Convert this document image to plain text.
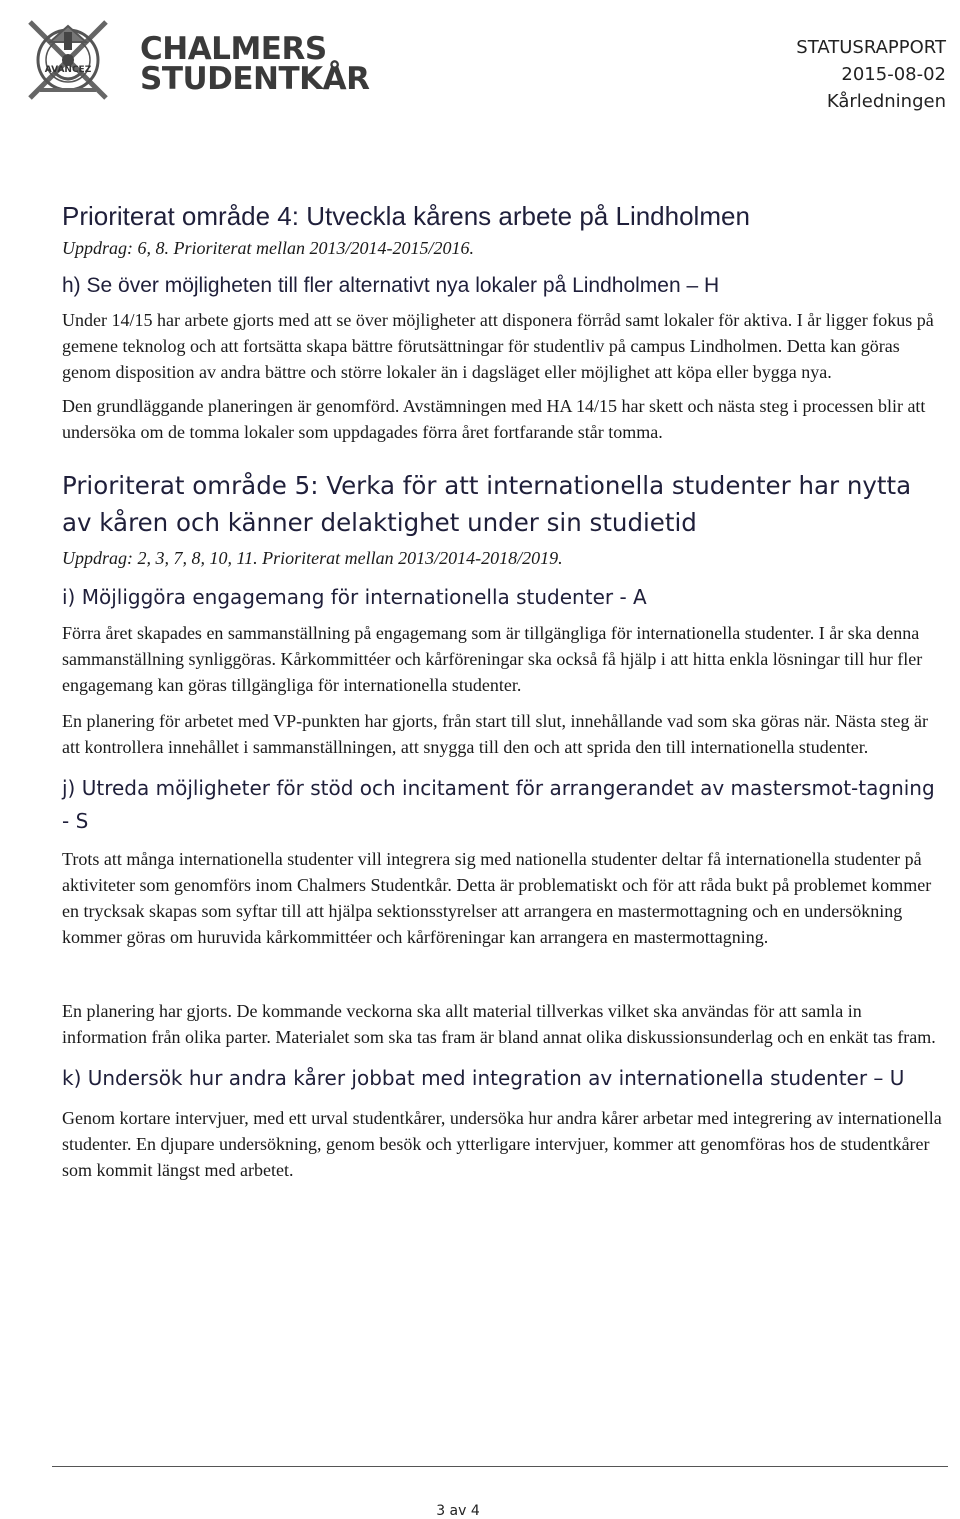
AVANCEZ
CHALMERS
STUDENTKÅR
STATUSRAPPORT
2015-08-02
Kårledningen
Prioriterat område 4: Utveckla kårens arbete på Lindholmen
Uppdrag: 6, 8. Prioriterat mellan 2013/2014-2015/2016.
h) Se över möjligheten till fler alternativt nya lokaler på Lindholmen – H

Under 14/15 har arbete gjorts med att se över möjligheter att disponera förråd samt lokaler för aktiva. I år ligger fokus på gemene teknolog och att fortsätta skapa bättre förutsättningar för studentliv på campus Lindholmen. Detta kan göras genom disposition av andra bättre och större lokaler än i dagsläget eller möjlighet att köpa eller bygga nya.

Den grundläggande planeringen är genomförd. Avstämningen med HA 14/15 har skett och nästa steg i processen blir att undersöka om de tomma lokaler som uppdagades förra året fortfarande står tomma.

Prioriterat område 5: Verka för att internationella studenter har nytta av kåren och känner delaktighet under sin studietid
Uppdrag: 2, 3, 7, 8, 10, 11. Prioriterat mellan 2013/2014-2018/2019.
i) Möjliggöra engagemang för internationella studenter - A

Förra året skapades en sammanställning på engagemang som är tillgängliga för internationella studenter. I år ska denna sammanställning synliggöras. Kårkommittéer och kårföreningar ska också få hjälp i att hitta enkla lösningar till hur fler engagemang kan göras tillgängliga för internationella studenter.

En planering för arbetet med VP-punkten har gjorts, från start till slut, innehållande vad som ska göras när. Nästa steg är att kontrollera innehållet i sammanställningen, att snygga till den och att sprida den till internationella studenter.

j) Utreda möjligheter för stöd och incitament för arrangerandet av mastersmot-tagning - S

Trots att många internationella studenter vill integrera sig med nationella studenter deltar få internationella studenter på aktiviteter som genomförs inom Chalmers Studentkår. Detta är problematiskt och för att råda bukt på problemet kommer en trycksak skapas som syftar till att hjälpa sektionsstyrelser att arrangera en mastermottagning och en undersökning kommer göras om huruvida kårkommittéer och kårföreningar kan arrangera en mastermottagning.

En planering har gjorts. De kommande veckorna ska allt material tillverkas vilket ska användas för att samla in information från olika parter. Materialet som ska tas fram är bland annat olika diskussionsunderlag och en enkät tas fram.

k) Undersök hur andra kårer jobbat med integration av internationella studenter – U

Genom kortare intervjuer, med ett urval studentkårer, undersöka hur andra kårer arbetar med integrering av internationella studenter. En djupare undersökning, genom besök och ytterligare intervjuer, kommer att genomföras hos de studentkårer som kommit längst med arbetet.

3 av 4
